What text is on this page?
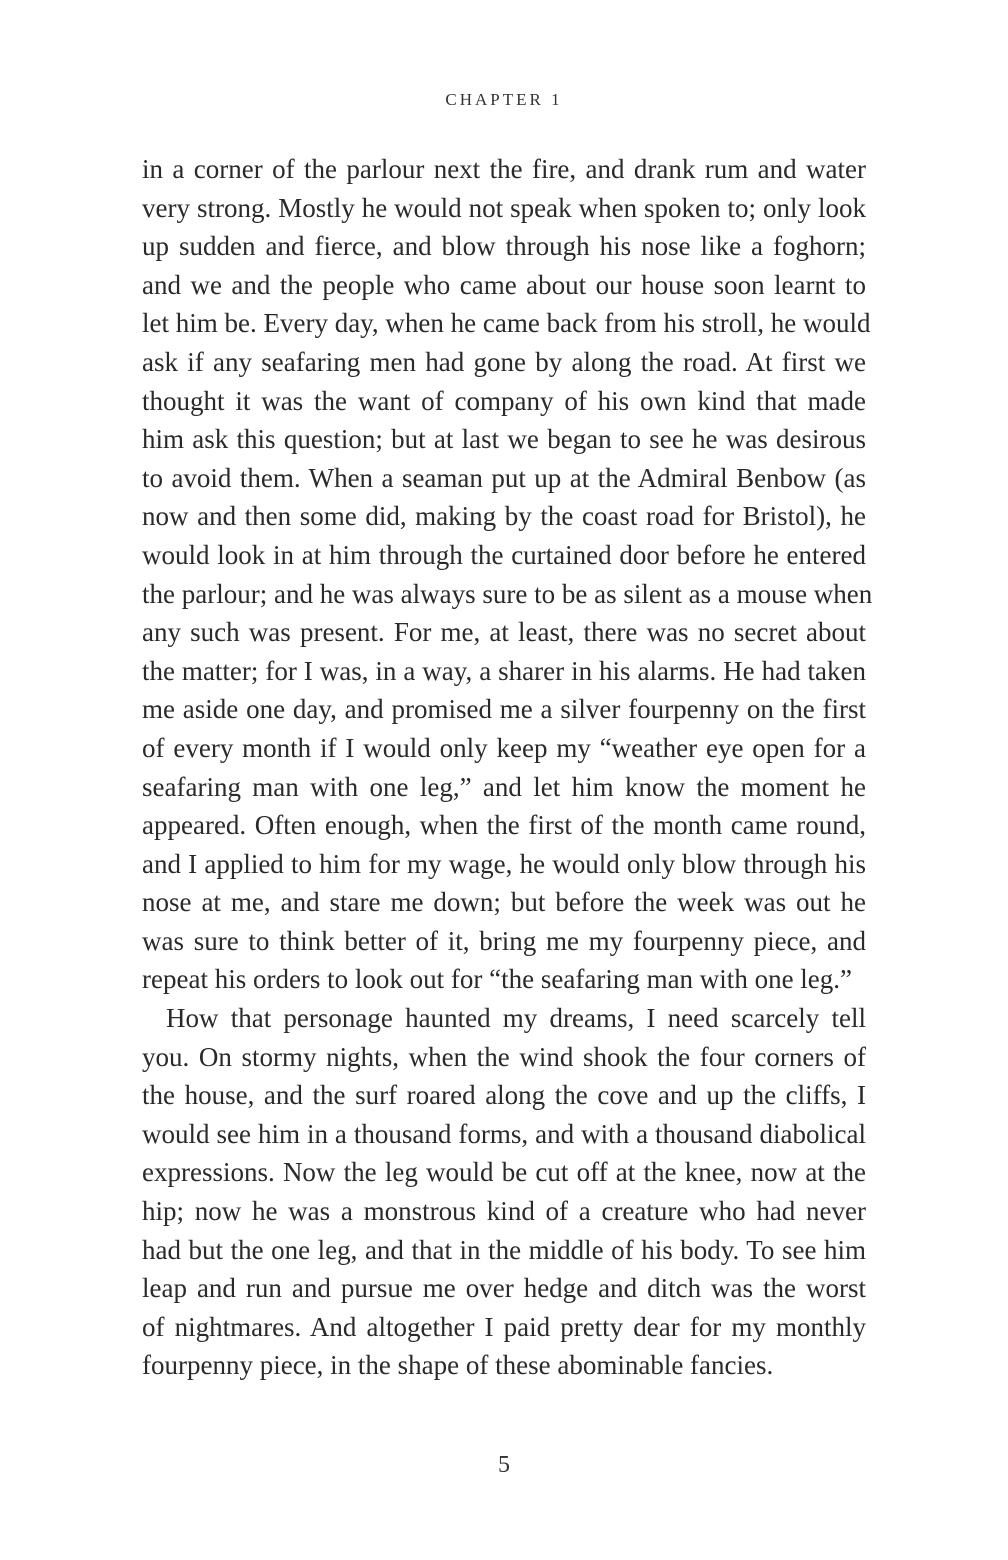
CHAPTER 1
in a corner of the parlour next the fire, and drank rum and water
very strong. Mostly he would not speak when spoken to; only look
up sudden and fierce, and blow through his nose like a foghorn;
and we and the people who came about our house soon learnt to
let him be. Every day, when he came back from his stroll, he would
ask if any seafaring men had gone by along the road. At first we
thought it was the want of company of his own kind that made
him ask this question; but at last we began to see he was desirous
to avoid them. When a seaman put up at the Admiral Benbow (as
now and then some did, making by the coast road for Bristol), he
would look in at him through the curtained door before he entered
the parlour; and he was always sure to be as silent as a mouse when
any such was present. For me, at least, there was no secret about
the matter; for I was, in a way, a sharer in his alarms. He had taken
me aside one day, and promised me a silver fourpenny on the first
of every month if I would only keep my “weather eye open for a
seafaring man with one leg,” and let him know the moment he
appeared. Often enough, when the first of the month came round,
and I applied to him for my wage, he would only blow through his
nose at me, and stare me down; but before the week was out he
was sure to think better of it, bring me my fourpenny piece, and
repeat his orders to look out for “the seafaring man with one leg.”
How that personage haunted my dreams, I need scarcely tell
you. On stormy nights, when the wind shook the four corners of
the house, and the surf roared along the cove and up the cliffs, I
would see him in a thousand forms, and with a thousand diabolical
expressions. Now the leg would be cut off at the knee, now at the
hip; now he was a monstrous kind of a creature who had never
had but the one leg, and that in the middle of his body. To see him
leap and run and pursue me over hedge and ditch was the worst
of nightmares. And altogether I paid pretty dear for my monthly
fourpenny piece, in the shape of these abominable fancies.
5
